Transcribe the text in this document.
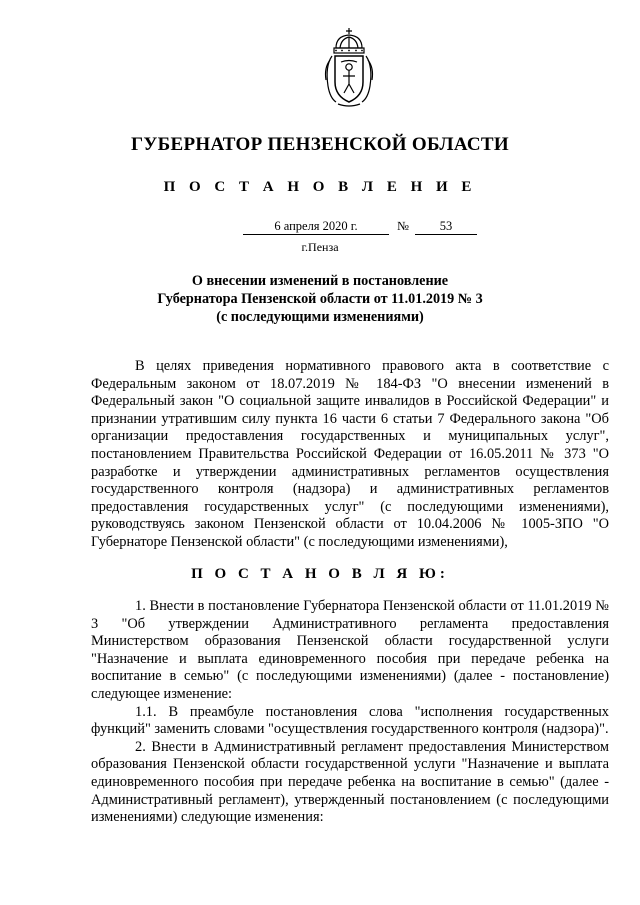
ГУБЕРНАТОР ПЕНЗЕНСКОЙ ОБЛАСТИ
П О С Т А Н О В Л Е Н И Е
6 апреля 2020 г.	№	53
г.Пенза
О внесении изменений в постановление
Губернатора Пензенской области от 11.01.2019 № 3
(с последующими изменениями)

В целях приведения нормативного правового акта в соответствие с Федеральным законом от 18.07.2019 № 184-ФЗ "О внесении изменений в Федеральный закон "О социальной защите инвалидов в Российской Федерации" и признании утратившим силу пункта 16 части 6 статьи 7 Федерального закона "Об организации предоставления государственных и муниципальных услуг", постановлением Правительства Российской Федерации от 16.05.2011 № 373 "О разработке и утверждении административных регламентов осуществления государственного контроля (надзора) и административных регламентов предоставления государственных услуг" (с последующими изменениями), руководствуясь законом Пензенской области от 10.04.2006 № 1005-ЗПО "О Губернаторе Пензенской области" (с последующими изменениями),

П О С Т А Н О В Л Я Ю:

1. Внести в постановление Губернатора Пензенской области от 11.01.2019 № 3 "Об утверждении Административного регламента предоставления Министерством образования Пензенской области государственной услуги "Назначение и выплата единовременного пособия при передаче ребенка на воспитание в семью" (с последующими изменениями) (далее - постановление) следующее изменение:

1.1. В преамбуле постановления слова "исполнения государственных функций" заменить словами "осуществления государственного контроля (надзора)".

2. Внести в Административный регламент предоставления Министерством образования Пензенской области государственной услуги "Назначение и выплата единовременного пособия при передаче ребенка на воспитание в семью" (далее - Административный регламент), утвержденный постановлением (с последующими изменениями) следующие изменения:
